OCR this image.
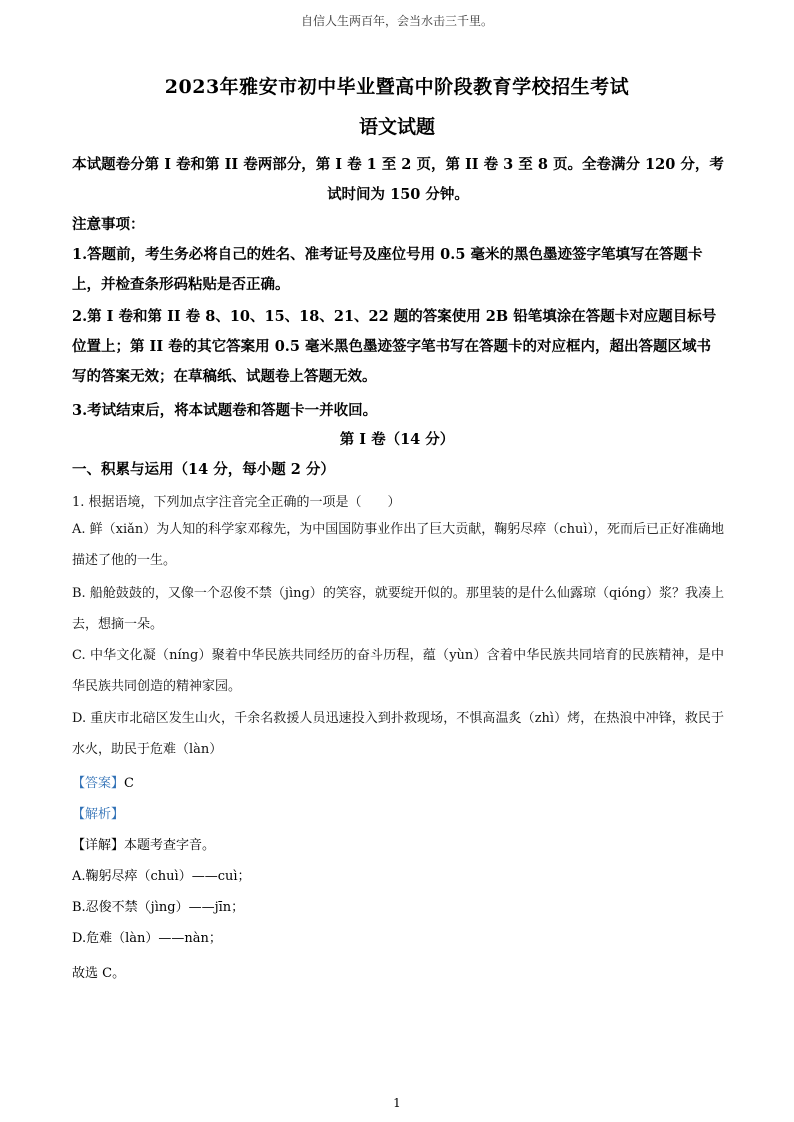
自信人生两百年，会当水击三千里。
2023年雅安市初中毕业暨高中阶段教育学校招生考试
语文试题
本试题卷分第 I 卷和第 II 卷两部分，第 I 卷 1 至 2 页，第 II 卷 3 至 8 页。全卷满分 120 分，考试时间为 150 分钟。
注意事项：
1.答题前，考生务必将自己的姓名、准考证号及座位号用 0.5 毫米的黑色墨迹签字笔填写在答题卡上，并检查条形码粘贴是否正确。
2.第 I 卷和第 II 卷 8、10、15、18、21、22 题的答案使用 2B 铅笔填涂在答题卡对应题目标号位置上；第 II 卷的其它答案用 0.5 毫米黑色墨迹签字笔书写在答题卡的对应框内，超出答题区域书写的答案无效；在草稿纸、试题卷上答题无效。
3.考试结束后，将本试题卷和答题卡一并收回。
第 I 卷（14 分）
一、积累与运用（14 分，每小题 2 分）
1. 根据语境，下列加点字注音完全正确的一项是（　　）
A. 鲜（xiǎn）为人知的科学家邓稼先，为中国国防事业作出了巨大贡献，鞠躬尽瘁（chuì），死而后已正好准确地描述了他的一生。
B. 船舱鼓鼓的，又像一个忍俊不禁（jìng）的笑容，就要绽开似的。那里装的是什么仙露琼（qióng）浆？我凑上去，想摘一朵。
C. 中华文化凝（níng）聚着中华民族共同经历的奋斗历程，蕴（yùn）含着中华民族共同培育的民族精神，是中华民族共同创造的精神家园。
D. 重庆市北碚区发生山火，千余名救援人员迅速投入到扑救现场，不惧高温炙（zhì）烤，在热浪中冲锋，救民于水火，助民于危难（làn）
【答案】C
【解析】
【详解】本题考查字音。
A.鞠躬尽瘁（chuì）——cuì；
B.忍俊不禁（jìng）——jīn；
D.危难（làn）——nàn；
故选 C。
1
